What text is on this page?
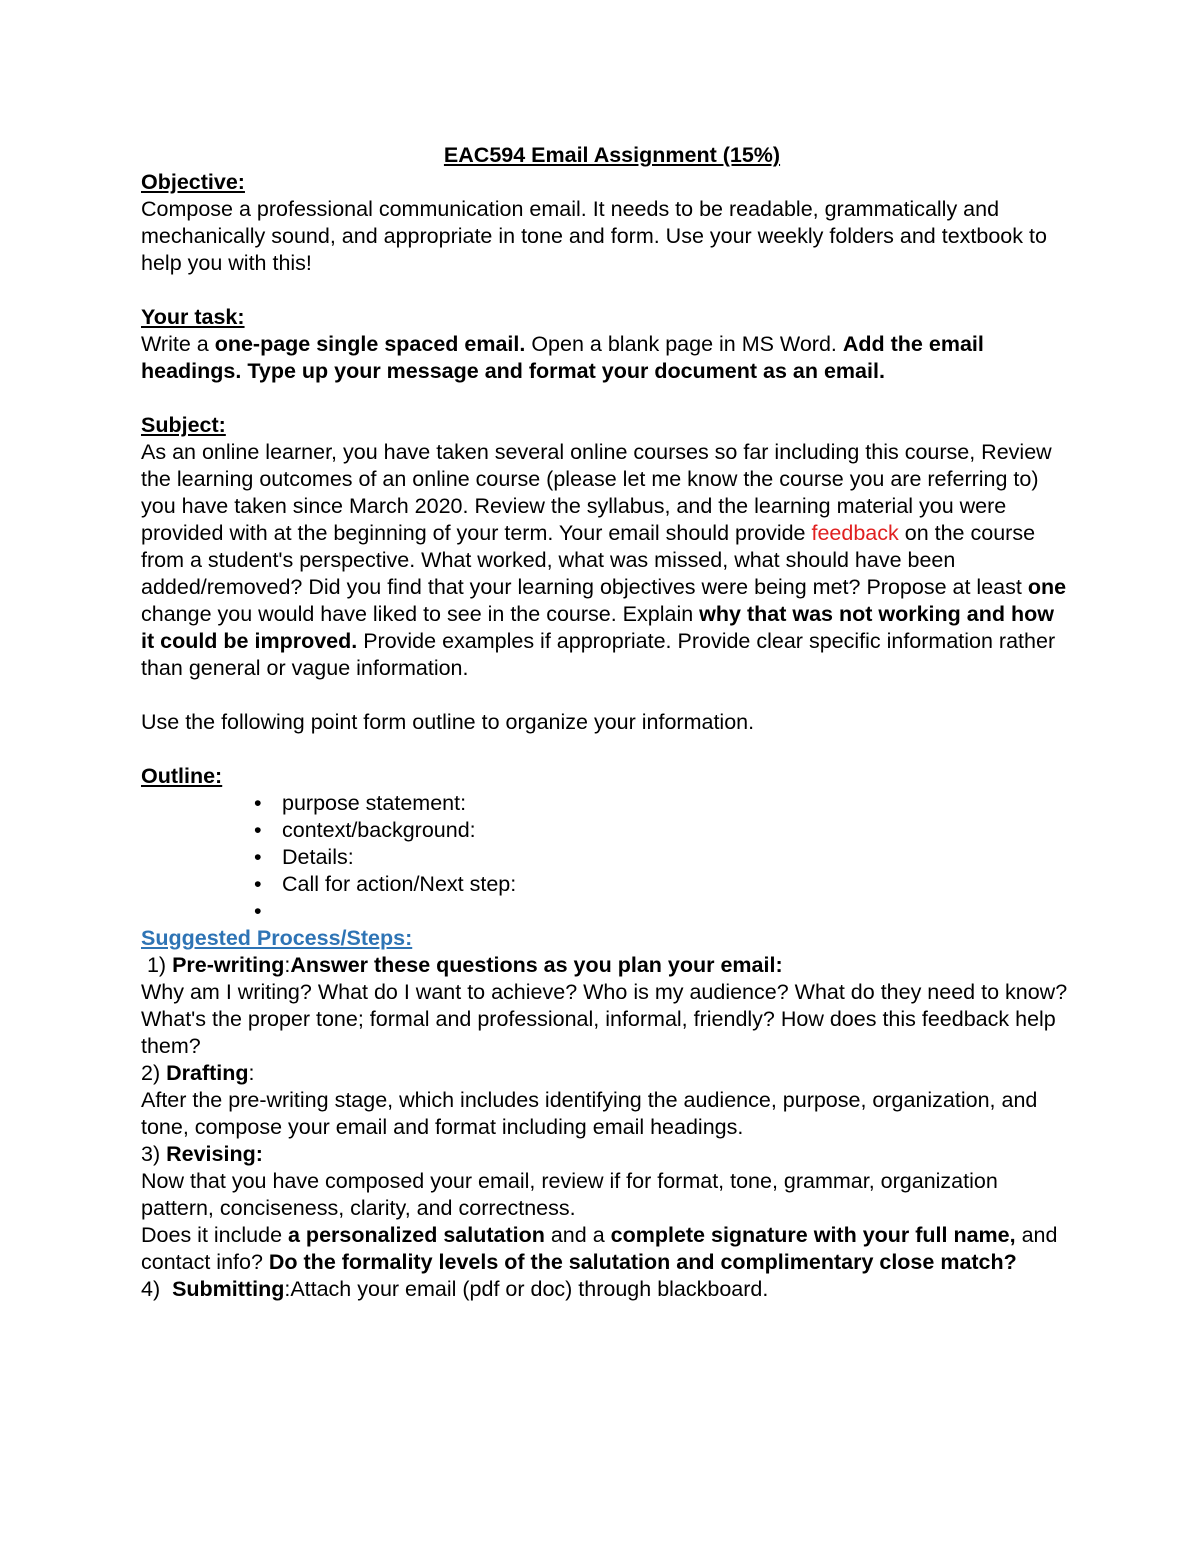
EAC594 Email Assignment (15%)
Objective:

Compose a professional communication email. It needs to be readable, grammatically and mechanically sound, and appropriate in tone and form. Use your weekly folders and textbook to help you with this!

Your task:

Write a one-page single spaced email. Open a blank page in MS Word. Add the email headings. Type up your message and format your document as an email.

Subject:

As an online learner, you have taken several online courses so far including this course, Review the learning outcomes of an online course (please let me know the course you are referring to) you have taken since March 2020. Review the syllabus, and the learning material you were provided with at the beginning of your term. Your email should provide feedback on the course from a student's perspective. What worked, what was missed, what should have been added/removed? Did you find that your learning objectives were being met? Propose at least one change you would have liked to see in the course. Explain why that was not working and how it could be improved. Provide examples if appropriate. Provide clear specific information rather than general or vague information.

Use the following point form outline to organize your information.

Outline:
• purpose statement:
• context/background:
• Details:
• Call for action/Next step:
•
Suggested Process/Steps:

1) Pre-writing:Answer these questions as you plan your email:

Why am I writing? What do I want to achieve? Who is my audience? What do they need to know?What's the proper tone; formal and professional, informal, friendly? How does this feedback help them?

2) Drafting:

After the pre-writing stage, which includes identifying the audience, purpose, organization, and tone, compose your email and format including email headings.

3) Revising:

Now that you have composed your email, review if for format, tone, grammar, organization pattern, conciseness, clarity, and correctness.

Does it include a personalized salutation and a complete signature with your full name, and contact info? Do the formality levels of the salutation and complimentary close match?

4)  Submitting:Attach your email (pdf or doc) through blackboard.
